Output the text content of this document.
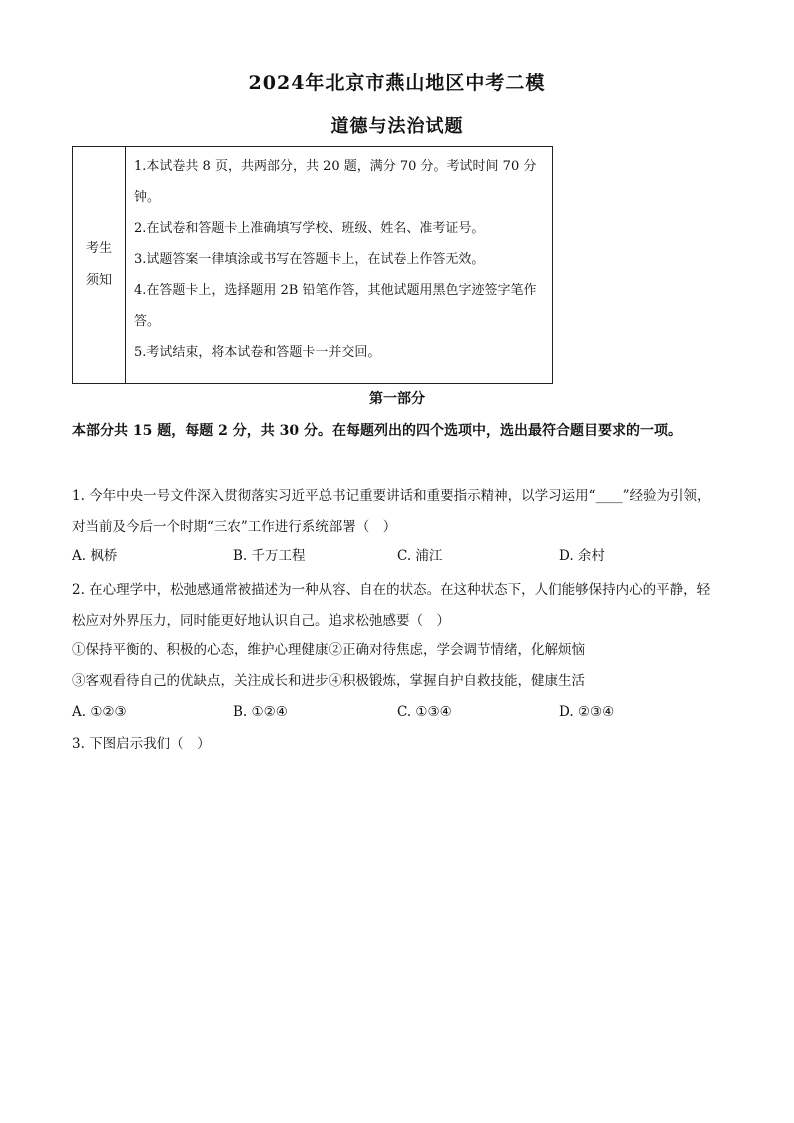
2024年北京市燕山地区中考二模
道德与法治试题
考生
须知
1.本试卷共 8 页，共两部分，共 20 题，满分 70 分。考试时间 70 分钟。
2.在试卷和答题卡上准确填写学校、班级、姓名、准考证号。
3.试题答案一律填涂或书写在答题卡上，在试卷上作答无效。
4.在答题卡上，选择题用 2B 铅笔作答，其他试题用黑色字迹签字笔作答。
5.考试结束，将本试卷和答题卡一并交回。
第一部分
本部分共 15 题，每题 2 分，共 30 分。在每题列出的四个选项中，选出最符合题目要求的一项。
1. 今年中央一号文件深入贯彻落实习近平总书记重要讲话和重要指示精神，以学习运用“____”经验为引领，对当前及今后一个时期“三农”工作进行系统部署（　）
A. 枫桥	B. 千万工程	C. 浦江	D. 余村
2. 在心理学中，松弛感通常被描述为一种从容、自在的状态。在这种状态下，人们能够保持内心的平静，轻松应对外界压力，同时能更好地认识自己。追求松弛感要（　）
①保持平衡的、积极的心态，维护心理健康②正确对待焦虑，学会调节情绪，化解烦恼
③客观看待自己的优缺点，关注成长和进步④积极锻炼，掌握自护自救技能，健康生活
A. ①②③	B. ①②④	C. ①③④	D. ②③④
3. 下图启示我们（　）
